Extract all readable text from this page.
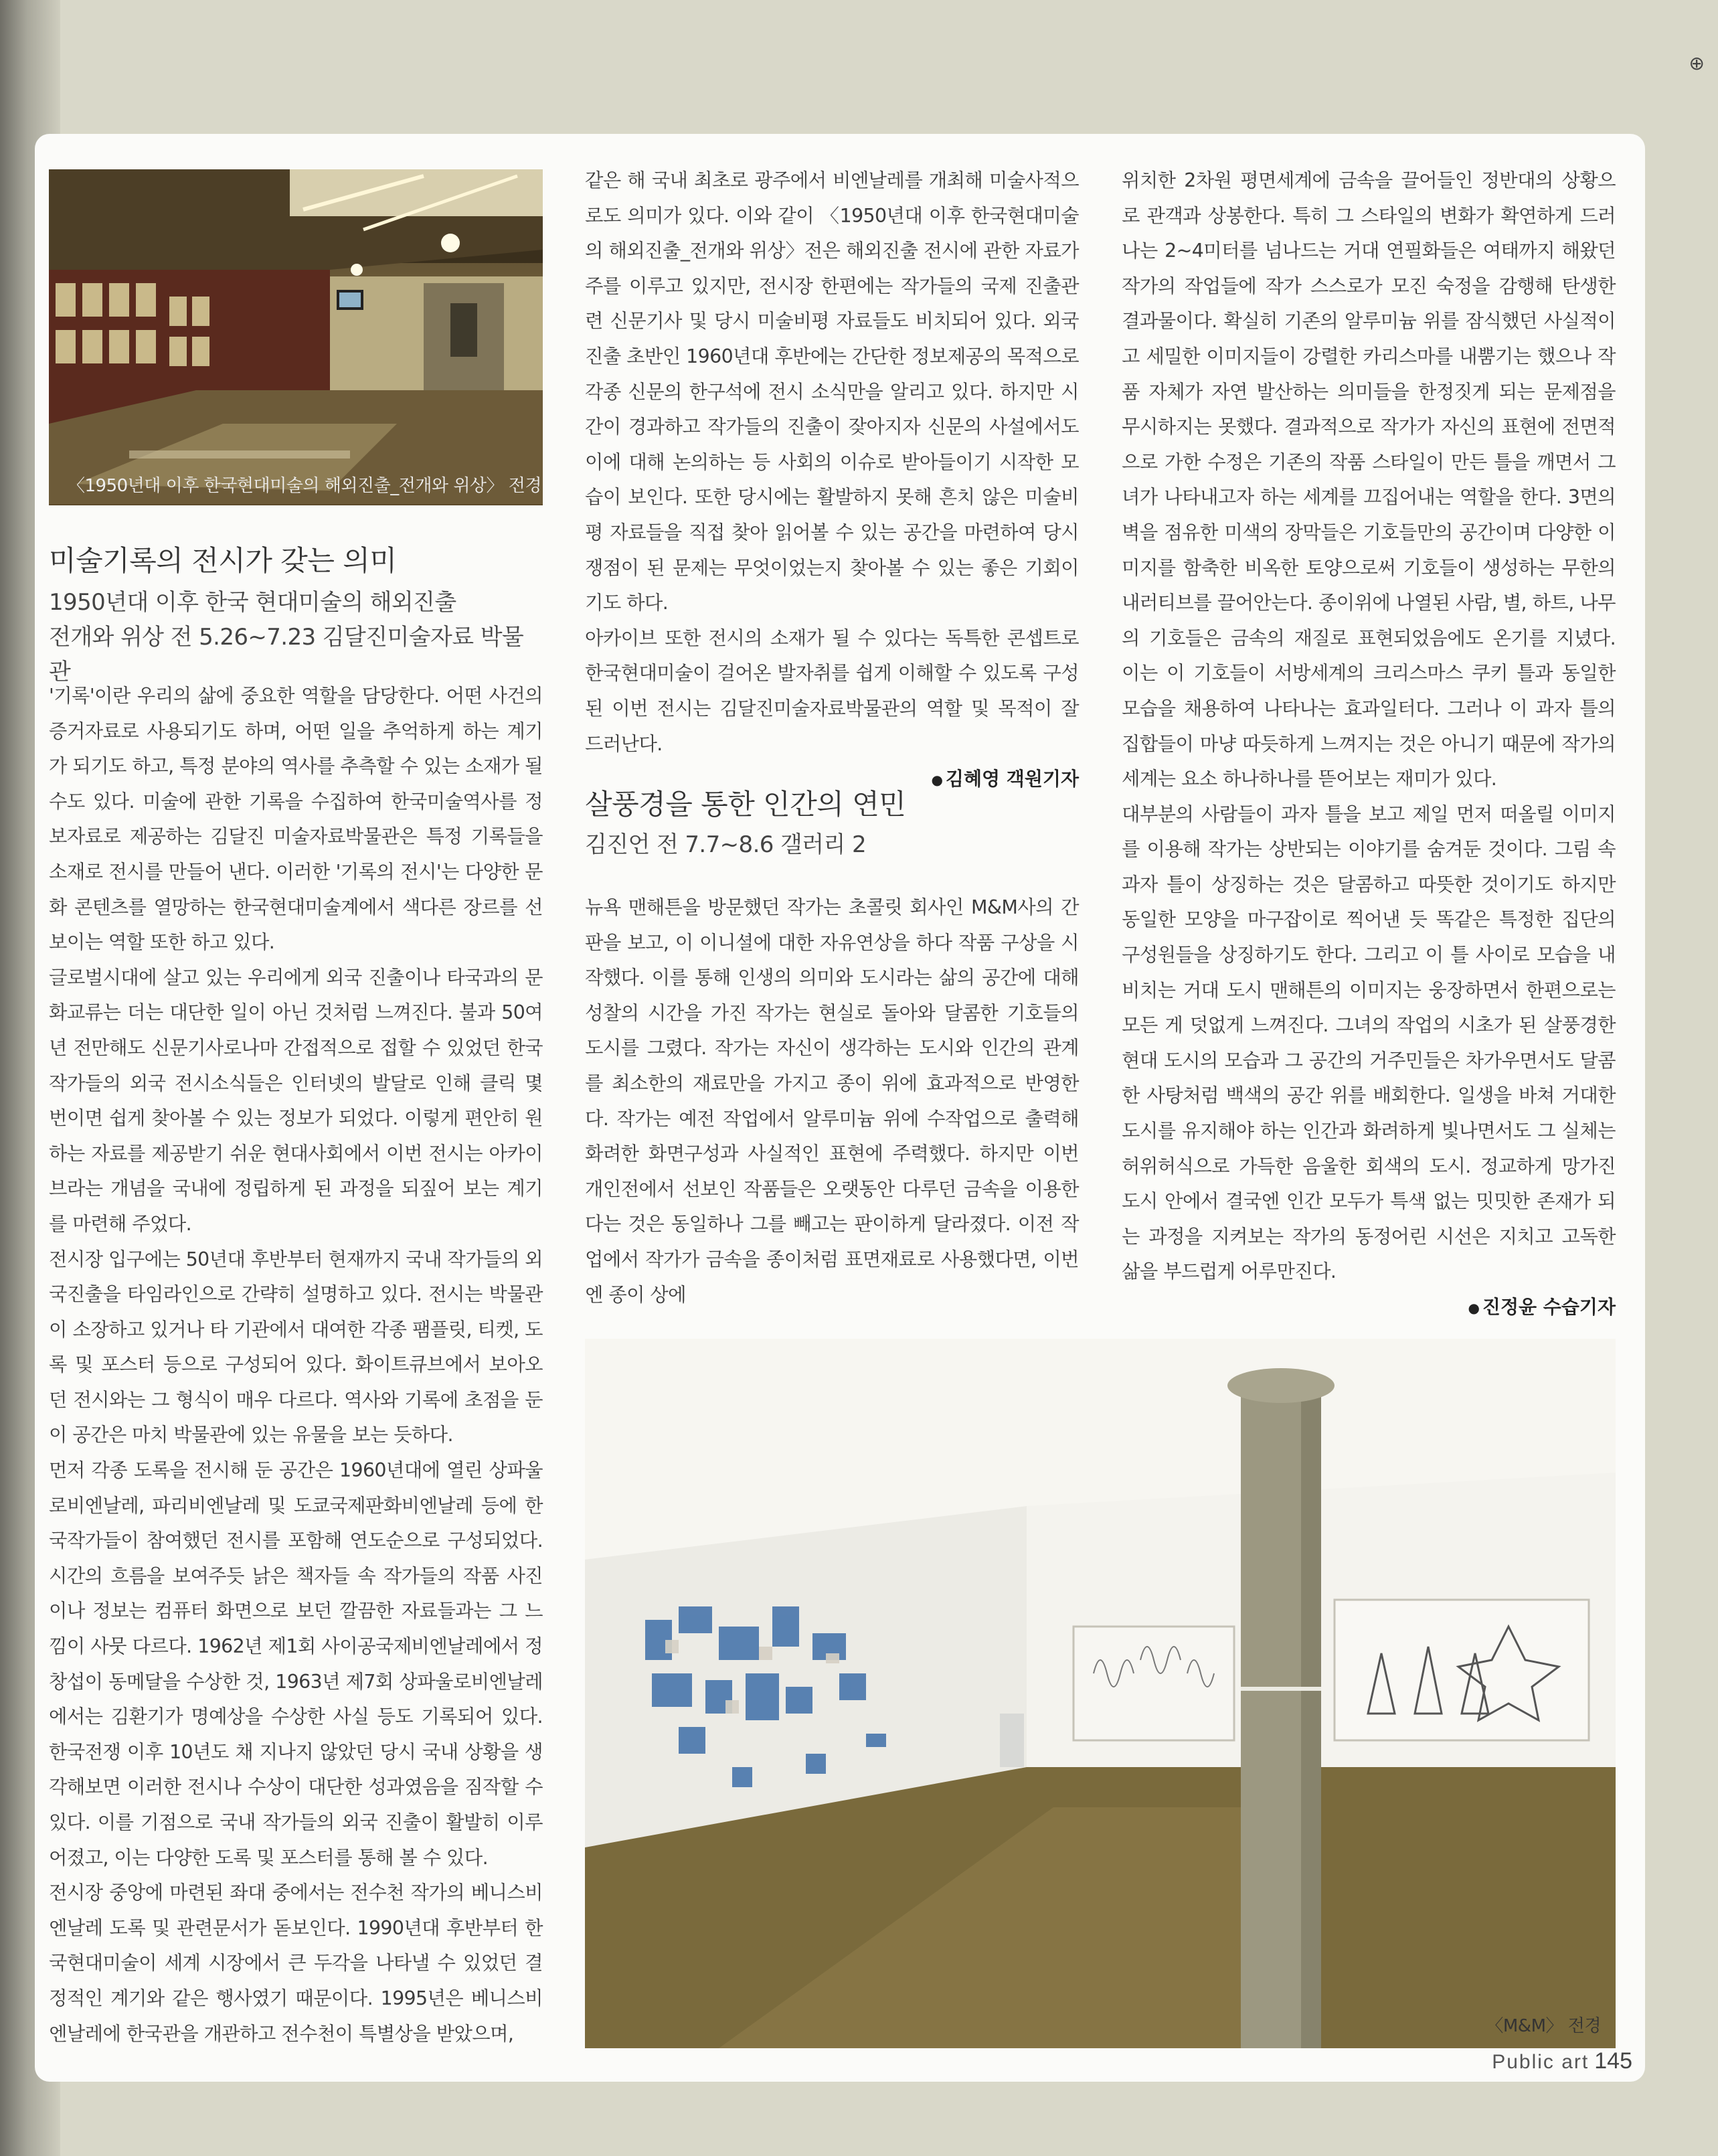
⊕
〈1950년대 이후 한국현대미술의 해외진출_전개와 위상〉 전경

미술기록의 전시가 갖는 의미

1950년대 이후 한국 현대미술의 해외진출

전개와 위상 전 5.26~7.23 김달진미술자료 박물관

'기록'이란 우리의 삶에 중요한 역할을 담당한다. 어떤 사건의 증거자료로 사용되기도 하며, 어떤 일을 추억하게 하는 계기가 되기도 하고, 특정 분야의 역사를 추측할 수 있는 소재가 될 수도 있다. 미술에 관한 기록을 수집하여 한국미술역사를 정보자료로 제공하는 김달진 미술자료박물관은 특정 기록들을 소재로 전시를 만들어 낸다. 이러한 '기록의 전시'는 다양한 문화 콘텐츠를 열망하는 한국현대미술계에서 색다른 장르를 선보이는 역할 또한 하고 있다.

글로벌시대에 살고 있는 우리에게 외국 진출이나 타국과의 문화교류는 더는 대단한 일이 아닌 것처럼 느껴진다. 불과 50여 년 전만해도 신문기사로나마 간접적으로 접할 수 있었던 한국 작가들의 외국 전시소식들은 인터넷의 발달로 인해 클릭 몇 번이면 쉽게 찾아볼 수 있는 정보가 되었다. 이렇게 편안히 원하는 자료를 제공받기 쉬운 현대사회에서 이번 전시는 아카이브라는 개념을 국내에 정립하게 된 과정을 되짚어 보는 계기를 마련해 주었다.

전시장 입구에는 50년대 후반부터 현재까지 국내 작가들의 외국진출을 타임라인으로 간략히 설명하고 있다. 전시는 박물관이 소장하고 있거나 타 기관에서 대여한 각종 팸플릿, 티켓, 도록 및 포스터 등으로 구성되어 있다. 화이트큐브에서 보아오던 전시와는 그 형식이 매우 다르다. 역사와 기록에 초점을 둔 이 공간은 마치 박물관에 있는 유물을 보는 듯하다.

먼저 각종 도록을 전시해 둔 공간은 1960년대에 열린 상파울로비엔날레, 파리비엔날레 및 도쿄국제판화비엔날레 등에 한국작가들이 참여했던 전시를 포함해 연도순으로 구성되었다. 시간의 흐름을 보여주듯 낡은 책자들 속 작가들의 작품 사진이나 정보는 컴퓨터 화면으로 보던 깔끔한 자료들과는 그 느낌이 사뭇 다르다. 1962년 제1회 사이공국제비엔날레에서 정창섭이 동메달을 수상한 것, 1963년 제7회 상파울로비엔날레에서는 김환기가 명예상을 수상한 사실 등도 기록되어 있다. 한국전쟁 이후 10년도 채 지나지 않았던 당시 국내 상황을 생각해보면 이러한 전시나 수상이 대단한 성과였음을 짐작할 수 있다. 이를 기점으로 국내 작가들의 외국 진출이 활발히 이루어졌고, 이는 다양한 도록 및 포스터를 통해 볼 수 있다.

전시장 중앙에 마련된 좌대 중에서는 전수천 작가의 베니스비엔날레 도록 및 관련문서가 돋보인다. 1990년대 후반부터 한국현대미술이 세계 시장에서 큰 두각을 나타낼 수 있었던 결정적인 계기와 같은 행사였기 때문이다. 1995년은 베니스비엔날레에 한국관을 개관하고 전수천이 특별상을 받았으며,

같은 해 국내 최초로 광주에서 비엔날레를 개최해 미술사적으로도 의미가 있다. 이와 같이 〈1950년대 이후 한국현대미술의 해외진출_전개와 위상〉전은 해외진출 전시에 관한 자료가 주를 이루고 있지만, 전시장 한편에는 작가들의 국제 진출관련 신문기사 및 당시 미술비평 자료들도 비치되어 있다. 외국진출 초반인 1960년대 후반에는 간단한 정보제공의 목적으로 각종 신문의 한구석에 전시 소식만을 알리고 있다. 하지만 시간이 경과하고 작가들의 진출이 잦아지자 신문의 사설에서도 이에 대해 논의하는 등 사회의 이슈로 받아들이기 시작한 모습이 보인다. 또한 당시에는 활발하지 못해 흔치 않은 미술비평 자료들을 직접 찾아 읽어볼 수 있는 공간을 마련하여 당시 쟁점이 된 문제는 무엇이었는지 찾아볼 수 있는 좋은 기회이기도 하다.

아카이브 또한 전시의 소재가 될 수 있다는 독특한 콘셉트로 한국현대미술이 걸어온 발자취를 쉽게 이해할 수 있도록 구성된 이번 전시는 김달진미술자료박물관의 역할 및 목적이 잘 드러난다.

● 김혜영 객원기자

살풍경을 통한 인간의 연민

김진언 전 7.7~8.6 갤러리 2

뉴욕 맨해튼을 방문했던 작가는 초콜릿 회사인 M&M사의 간판을 보고, 이 이니셜에 대한 자유연상을 하다 작품 구상을 시작했다. 이를 통해 인생의 의미와 도시라는 삶의 공간에 대해 성찰의 시간을 가진 작가는 현실로 돌아와 달콤한 기호들의 도시를 그렸다. 작가는 자신이 생각하는 도시와 인간의 관계를 최소한의 재료만을 가지고 종이 위에 효과적으로 반영한다. 작가는 예전 작업에서 알루미늄 위에 수작업으로 출력해 화려한 화면구성과 사실적인 표현에 주력했다. 하지만 이번 개인전에서 선보인 작품들은 오랫동안 다루던 금속을 이용한다는 것은 동일하나 그를 빼고는 판이하게 달라졌다. 이전 작업에서 작가가 금속을 종이처럼 표면재료로 사용했다면, 이번엔 종이 상에

위치한 2차원 평면세계에 금속을 끌어들인 정반대의 상황으로 관객과 상봉한다. 특히 그 스타일의 변화가 확연하게 드러나는 2~4미터를 넘나드는 거대 연필화들은 여태까지 해왔던 작가의 작업들에 작가 스스로가 모진 숙정을 감행해 탄생한 결과물이다. 확실히 기존의 알루미늄 위를 잠식했던 사실적이고 세밀한 이미지들이 강렬한 카리스마를 내뿜기는 했으나 작품 자체가 자연 발산하는 의미들을 한정짓게 되는 문제점을 무시하지는 못했다. 결과적으로 작가가 자신의 표현에 전면적으로 가한 수정은 기존의 작품 스타일이 만든 틀을 깨면서 그녀가 나타내고자 하는 세계를 끄집어내는 역할을 한다. 3면의 벽을 점유한 미색의 장막들은 기호들만의 공간이며 다양한 이미지를 함축한 비옥한 토양으로써 기호들이 생성하는 무한의 내러티브를 끌어안는다. 종이위에 나열된 사람, 별, 하트, 나무의 기호들은 금속의 재질로 표현되었음에도 온기를 지녔다. 이는 이 기호들이 서방세계의 크리스마스 쿠키 틀과 동일한 모습을 채용하여 나타나는 효과일터다. 그러나 이 과자 틀의 집합들이 마냥 따듯하게 느껴지는 것은 아니기 때문에 작가의 세계는 요소 하나하나를 뜯어보는 재미가 있다.

대부분의 사람들이 과자 틀을 보고 제일 먼저 떠올릴 이미지를 이용해 작가는 상반되는 이야기를 숨겨둔 것이다. 그림 속 과자 틀이 상징하는 것은 달콤하고 따뜻한 것이기도 하지만 동일한 모양을 마구잡이로 찍어낸 듯 똑같은 특정한 집단의 구성원들을 상징하기도 한다. 그리고 이 틀 사이로 모습을 내비치는 거대 도시 맨해튼의 이미지는 웅장하면서 한편으로는 모든 게 덧없게 느껴진다. 그녀의 작업의 시초가 된 살풍경한 현대 도시의 모습과 그 공간의 거주민들은 차가우면서도 달콤한 사탕처럼 백색의 공간 위를 배회한다. 일생을 바쳐 거대한 도시를 유지해야 하는 인간과 화려하게 빛나면서도 그 실체는 허위허식으로 가득한 음울한 회색의 도시. 정교하게 망가진 도시 안에서 결국엔 인간 모두가 특색 없는 밋밋한 존재가 되는 과정을 지켜보는 작가의 동정어린 시선은 지치고 고독한 삶을 부드럽게 어루만진다.

● 진정윤 수습기자

〈M&M〉 전경
Public art 145
